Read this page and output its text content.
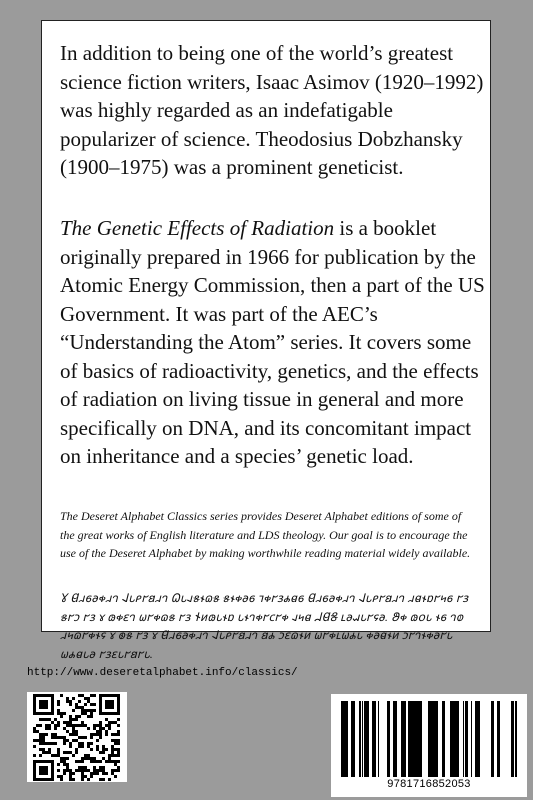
In addition to being one of the world’s greatest science fiction writers, Isaac Asimov (1920–1992) was highly regarded as an indefatigable popularizer of science. Theodosius Dobzhansky (1900–1975) was a prominent geneticist.

The Genetic Effects of Radiation is a booklet originally prepared in 1966 for publication by the Atomic Energy Commission, then a part of the US Government. It was part of the AEC’s “Understanding the Atom” series. It covers some of basics of radioactivity, genetics, and the effects of radiation on living tissue in general and more specifically on DNA, and its concomitant impact on inheritance and a species’ genetic load.

The Deseret Alphabet Classics series provides Deseret Alphabet editions of some of the great works of English literature and LDS theology. Our goal is to encourage the use of the Deseret Alphabet by making worthwhile reading material widely available.

𐐜 𐐔𐐯𐑆𐐨𐑉𐐯𐐻 𐐈𐑊𐑁𐐲𐐺𐐯𐐻 𐐗𐑊𐐰𐑅𐐮𐐿𐑅 𐑅𐐮𐑉𐐨𐑆 𐐹𐑉𐐲𐑂𐐴𐐼𐑆 𐐔𐐯𐑆𐐨𐑉𐐯𐐻 𐐈𐑊𐑁𐐲𐐺𐐯𐐻 𐐯𐐼𐐮𐑇𐐲𐑌𐑆 𐐲𐑂 𐑅𐐲𐑋 𐐲𐑂 𐑄 𐑀𐑉𐐩𐐻 𐐶𐐲𐑉𐐿𐑅 𐐲𐑂 𐐆𐑍𐑀𐑊𐐮𐑇 𐑊𐐮𐐻𐑉𐐲𐐽𐐲𐑉 𐐰𐑌𐐼 𐐇𐐔𐐝 𐑃𐐨𐐱𐑊𐐲𐐾𐐨. 𐐍𐑉 𐑀𐐬𐑊 𐐮𐑆 𐐻𐐭 𐐯𐑌𐐿𐐲𐑉𐐮𐐾 𐑄 𐑏𐑅 𐐲𐑂 𐑄 𐐔𐐯𐑆𐐨𐑉𐐯𐐻 𐐈𐑊𐑁𐐲𐐺𐐯𐐻 𐐺𐐴 𐑋𐐩𐐿𐐮𐑍 𐐶𐐲𐑉𐑃𐐶𐐴𐑊 𐑉𐐨𐐼𐐮𐑍 𐑋𐐲𐐻𐐮𐑉𐐨𐐲𐑊 𐐶𐐴𐐼𐑊𐐨 𐐲𐑂𐐩𐑊𐐲𐐺𐐲𐑊.

http://www.deseretalphabet.info/classics/
9781716852053
